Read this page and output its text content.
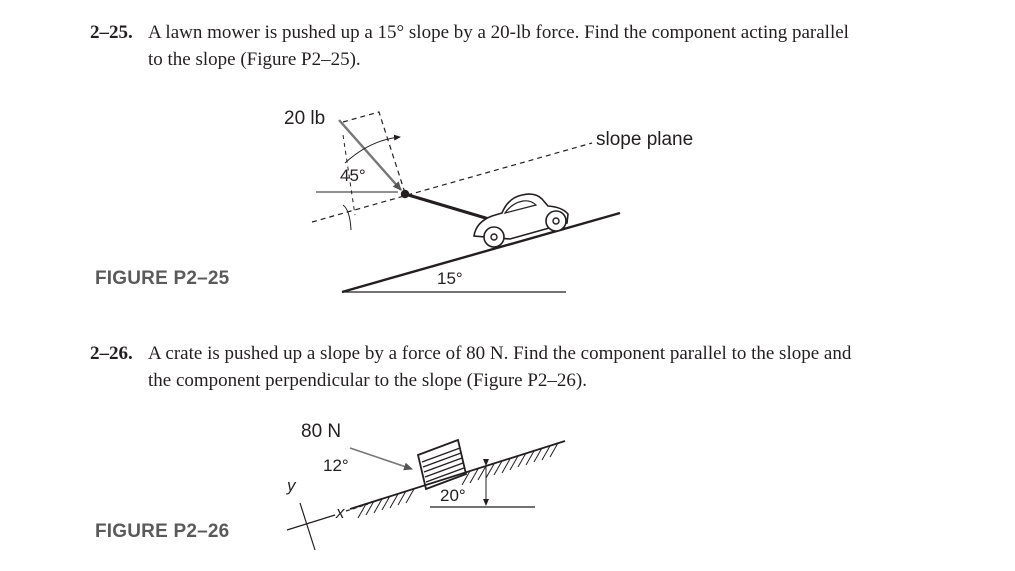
2–25. A lawn mower is pushed up a 15° slope by a 20-lb force. Find the component acting parallel
to the slope (Figure P2–25).
15°
slope plane
20 lb
45°
FIGURE P2–25
2–26. A crate is pushed up a slope by a force of 80 N. Find the component parallel to the slope and
the component perpendicular to the slope (Figure P2–26).
80 N
12°
20°
y
x
FIGURE P2–26
